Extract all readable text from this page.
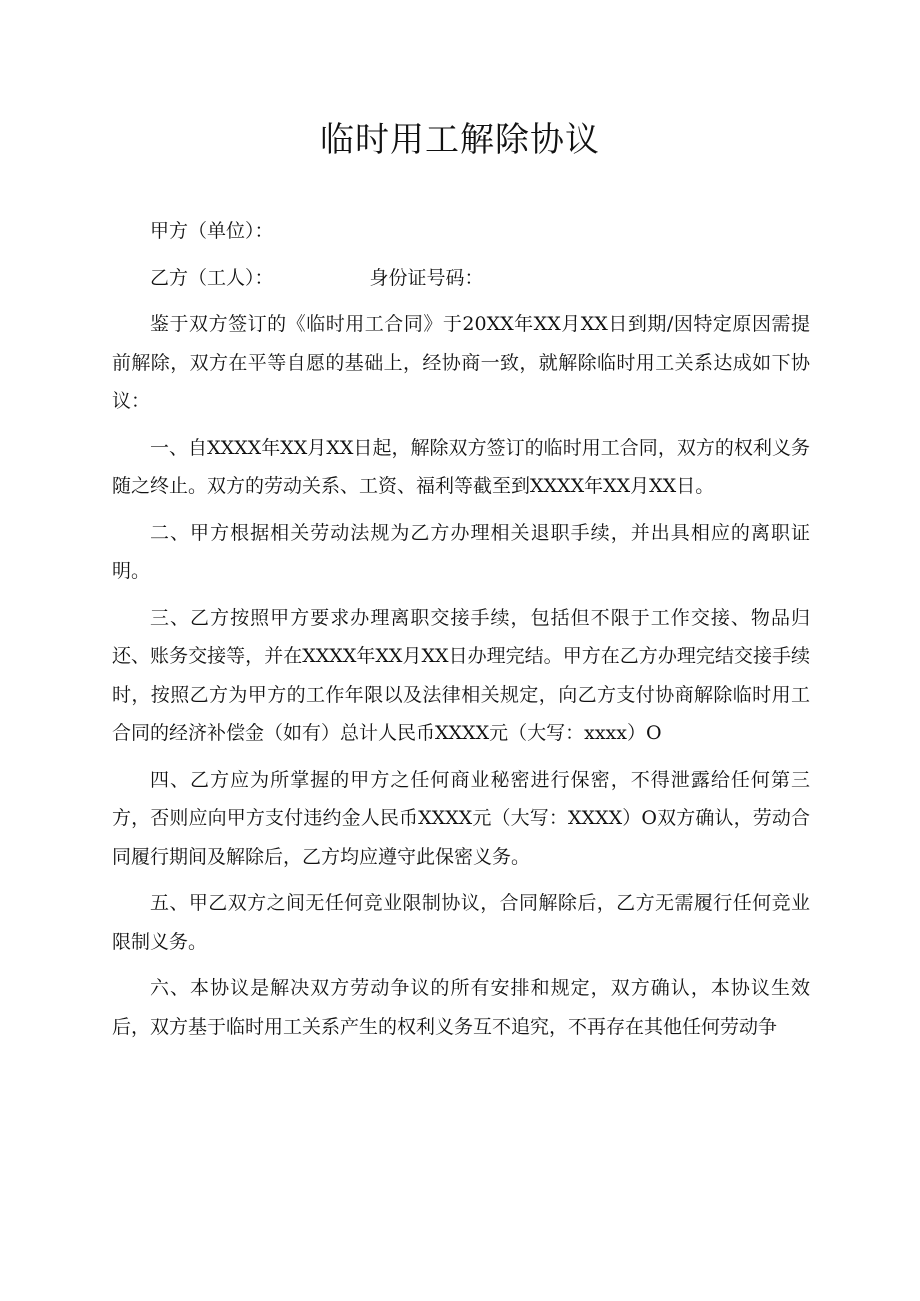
临时用工解除协议

甲方（单位）：

乙方（工人）：	身份证号码：

鉴于双方签订的《临时用工合同》于20XX年XX月XX日到期/因特定原因需提前解除，双方在平等自愿的基础上，经协商一致，就解除临时用工关系达成如下协议：

一、自XXXX年XX月XX日起，解除双方签订的临时用工合同，双方的权利义务随之终止。双方的劳动关系、工资、福利等截至到XXXX年XX月XX日。

二、甲方根据相关劳动法规为乙方办理相关退职手续，并出具相应的离职证明。

三、乙方按照甲方要求办理离职交接手续，包括但不限于工作交接、物品归还、账务交接等，并在XXXX年XX月XX日办理完结。甲方在乙方办理完结交接手续时，按照乙方为甲方的工作年限以及法律相关规定，向乙方支付协商解除临时用工合同的经济补偿金（如有）总计人民币XXXX元（大写：xxxx）O

四、乙方应为所掌握的甲方之任何商业秘密进行保密，不得泄露给任何第三方，否则应向甲方支付违约金人民币XXXX元（大写：XXXX）O双方确认，劳动合同履行期间及解除后，乙方均应遵守此保密义务。

五、甲乙双方之间无任何竞业限制协议，合同解除后，乙方无需履行任何竞业限制义务。

六、本协议是解决双方劳动争议的所有安排和规定，双方确认，本协议生效后，双方基于临时用工关系产生的权利义务互不追究，不再存在其他任何劳动争
